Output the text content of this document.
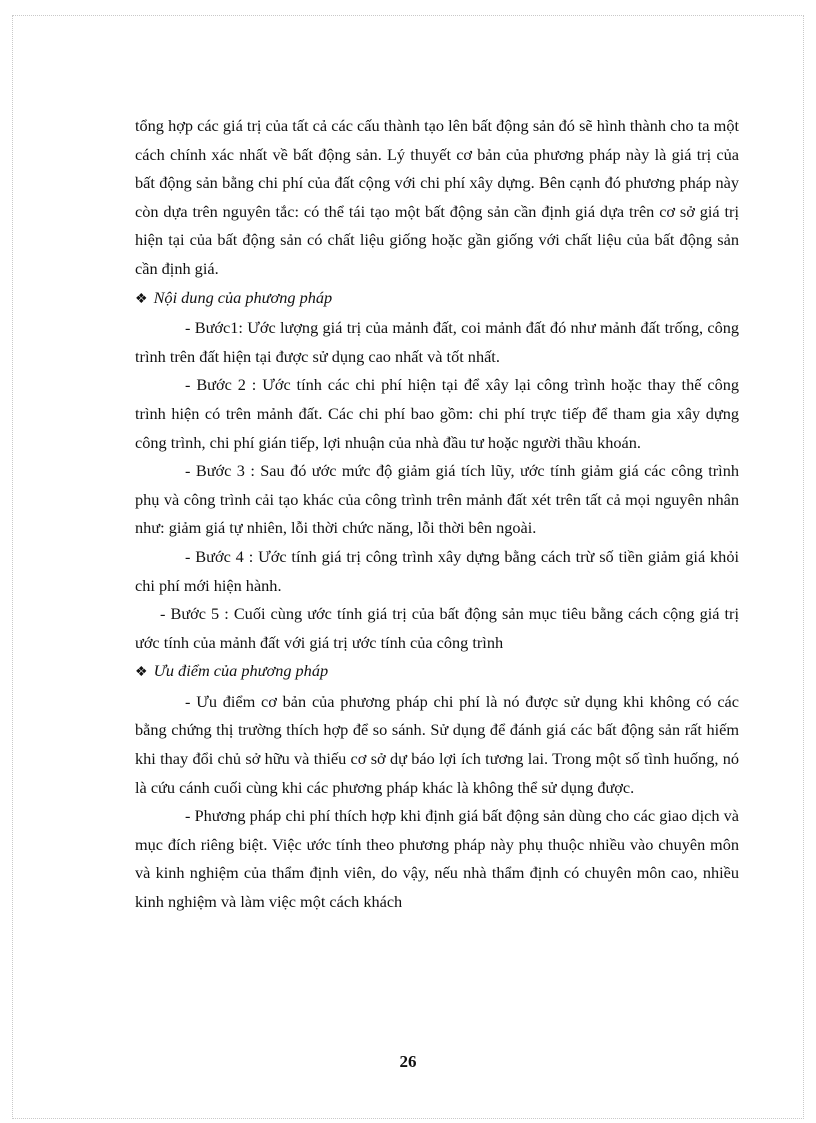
tổng hợp các giá trị của tất cả các cấu thành tạo lên bất động sản đó sẽ hình thành cho ta một cách chính xác nhất về bất động sản. Lý thuyết cơ bản của phương pháp này là giá trị của bất động sản bằng chi phí của đất cộng với chi phí xây dựng. Bên cạnh đó phương pháp này còn dựa trên nguyên tắc: có thể tái tạo một bất động sản cần định giá dựa trên cơ sở giá trị hiện tại của bất động sản có chất liệu giống hoặc gần giống với chất liệu của bất động sản cần định giá.

❖ Nội dung của phương pháp

- Bước1: Ước lượng giá trị của mảnh đất, coi mảnh đất đó như mảnh đất trống, công trình trên đất hiện tại được sử dụng cao nhất và tốt nhất.

- Bước 2 : Ước tính các chi phí hiện tại để xây lại công trình hoặc thay thế công trình hiện có trên mảnh đất. Các chi phí bao gồm: chi phí trực tiếp để tham gia xây dựng công trình, chi phí gián tiếp, lợi nhuận của nhà đầu tư hoặc người thầu khoán.

- Bước 3 : Sau đó ước mức độ giảm giá tích lũy, ước tính giảm giá các công trình phụ và công trình cải tạo khác của công trình trên mảnh đất xét trên tất cả mọi nguyên nhân như: giảm giá tự nhiên, lỗi thời chức năng, lỗi thời bên ngoài.

- Bước 4 : Ước tính giá trị công trình xây dựng bằng cách trừ số tiền giảm giá khỏi chi phí mới hiện hành.

- Bước 5 : Cuối cùng ước tính giá trị của bất động sản mục tiêu bằng cách cộng giá trị ước tính của mảnh đất với giá trị ước tính của công trình

❖ Ưu điểm của phương pháp

- Ưu điểm cơ bản của phương pháp chi phí là nó được sử dụng khi không có các bằng chứng thị trường thích hợp để so sánh. Sử dụng để đánh giá các bất động sản rất hiếm khi thay đổi chủ sở hữu và thiếu cơ sở dự báo lợi ích tương lai. Trong một số tình huống, nó là cứu cánh cuối cùng khi các phương pháp khác là không thể sử dụng được.

- Phương pháp chi phí thích hợp khi định giá bất động sản dùng cho các giao dịch và mục đích riêng biệt. Việc ước tính theo phương pháp này phụ thuộc nhiều vào chuyên môn và kinh nghiệm của thẩm định viên, do vậy, nếu nhà thẩm định có chuyên môn cao, nhiều kinh nghiệm và làm việc một cách khách

26
